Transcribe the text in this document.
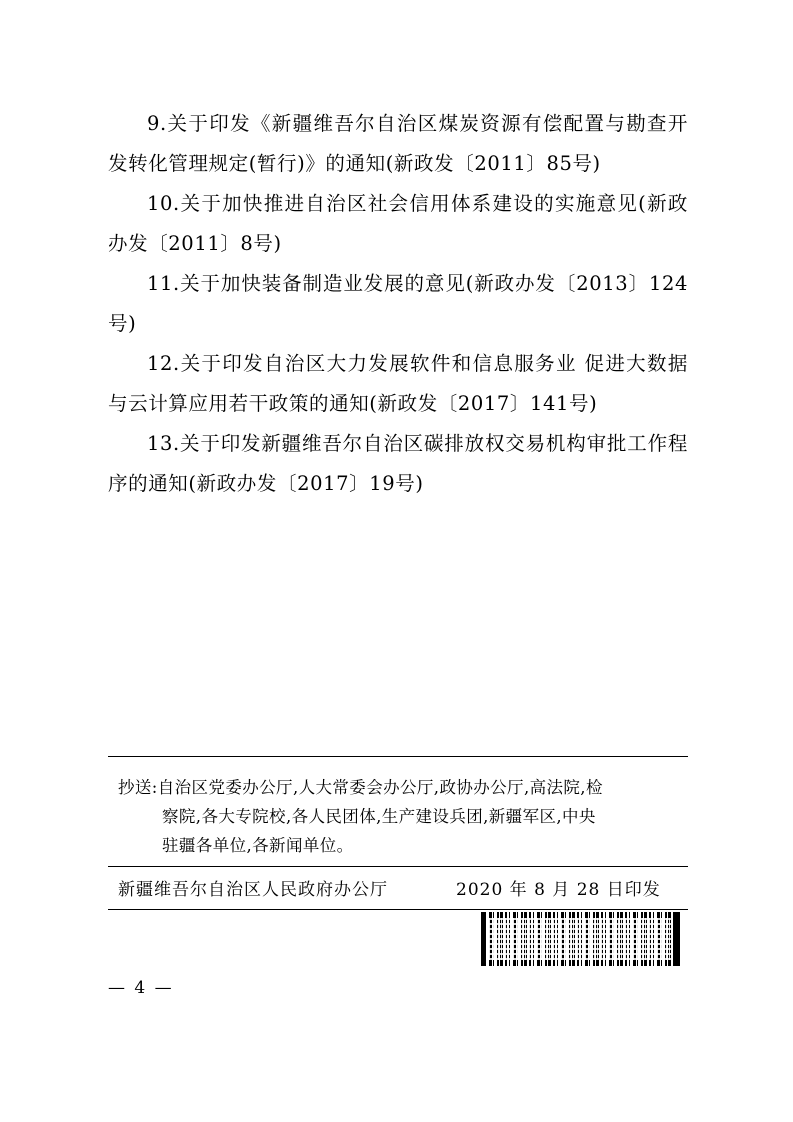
9.关于印发《新疆维吾尔自治区煤炭资源有偿配置与勘查开发转化管理规定(暂行)》的通知(新政发〔2011〕85号)

10.关于加快推进自治区社会信用体系建设的实施意见(新政办发〔2011〕8号)

11.关于加快装备制造业发展的意见(新政办发〔2013〕124号)

12.关于印发自治区大力发展软件和信息服务业 促进大数据与云计算应用若干政策的通知(新政发〔2017〕141号)

13.关于印发新疆维吾尔自治区碳排放权交易机构审批工作程序的通知(新政办发〔2017〕19号)

抄送:自治区党委办公厅,人大常委会办公厅,政协办公厅,高法院,检
察院,各大专院校,各人民团体,生产建设兵团,新疆军区,中央
驻疆各单位,各新闻单位。
新疆维吾尔自治区人民政府办公厅	2020 年 8 月 28 日印发
— 4 —
